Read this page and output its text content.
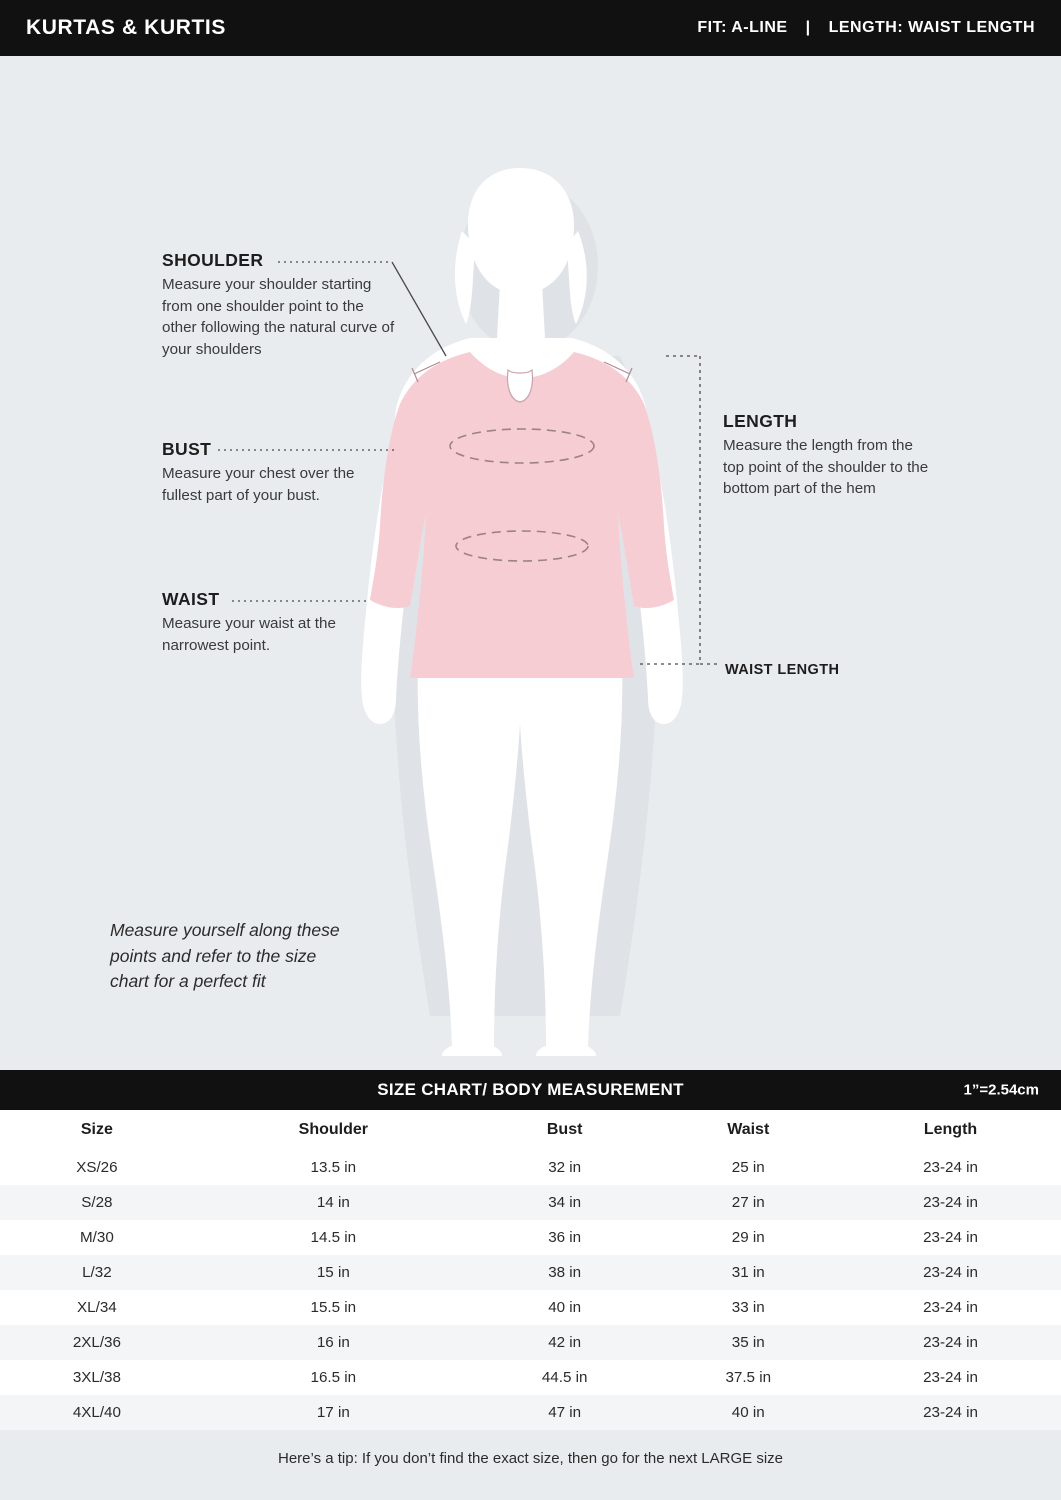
KURTAS & KURTIS	FIT: A-LINE | LENGTH: WAIST LENGTH
SHOULDER
Measure your shoulder starting from one shoulder point to the other following the natural curve of your shoulders
BUST
Measure your chest over the fullest part of your bust.
WAIST
Measure your waist at the narrowest point.
LENGTH
Measure the length from the top point of the shoulder to the bottom part of the hem
WAIST LENGTH
Measure yourself along these points and refer to the size chart for a perfect fit
SIZE CHART/ BODY MEASUREMENT	1”=2.54cm
Size	Shoulder	Bust	Waist	Length
XS/26	13.5 in	32 in	25 in	23-24 in
S/28	14 in	34 in	27 in	23-24 in
M/30	14.5 in	36 in	29 in	23-24 in
L/32	15 in	38 in	31 in	23-24 in
XL/34	15.5 in	40 in	33 in	23-24 in
2XL/36	16 in	42 in	35 in	23-24 in
3XL/38	16.5 in	44.5 in	37.5 in	23-24 in
4XL/40	17 in	47 in	40 in	23-24 in
Here’s a tip: If you don’t find the exact size, then go for the next LARGE size
